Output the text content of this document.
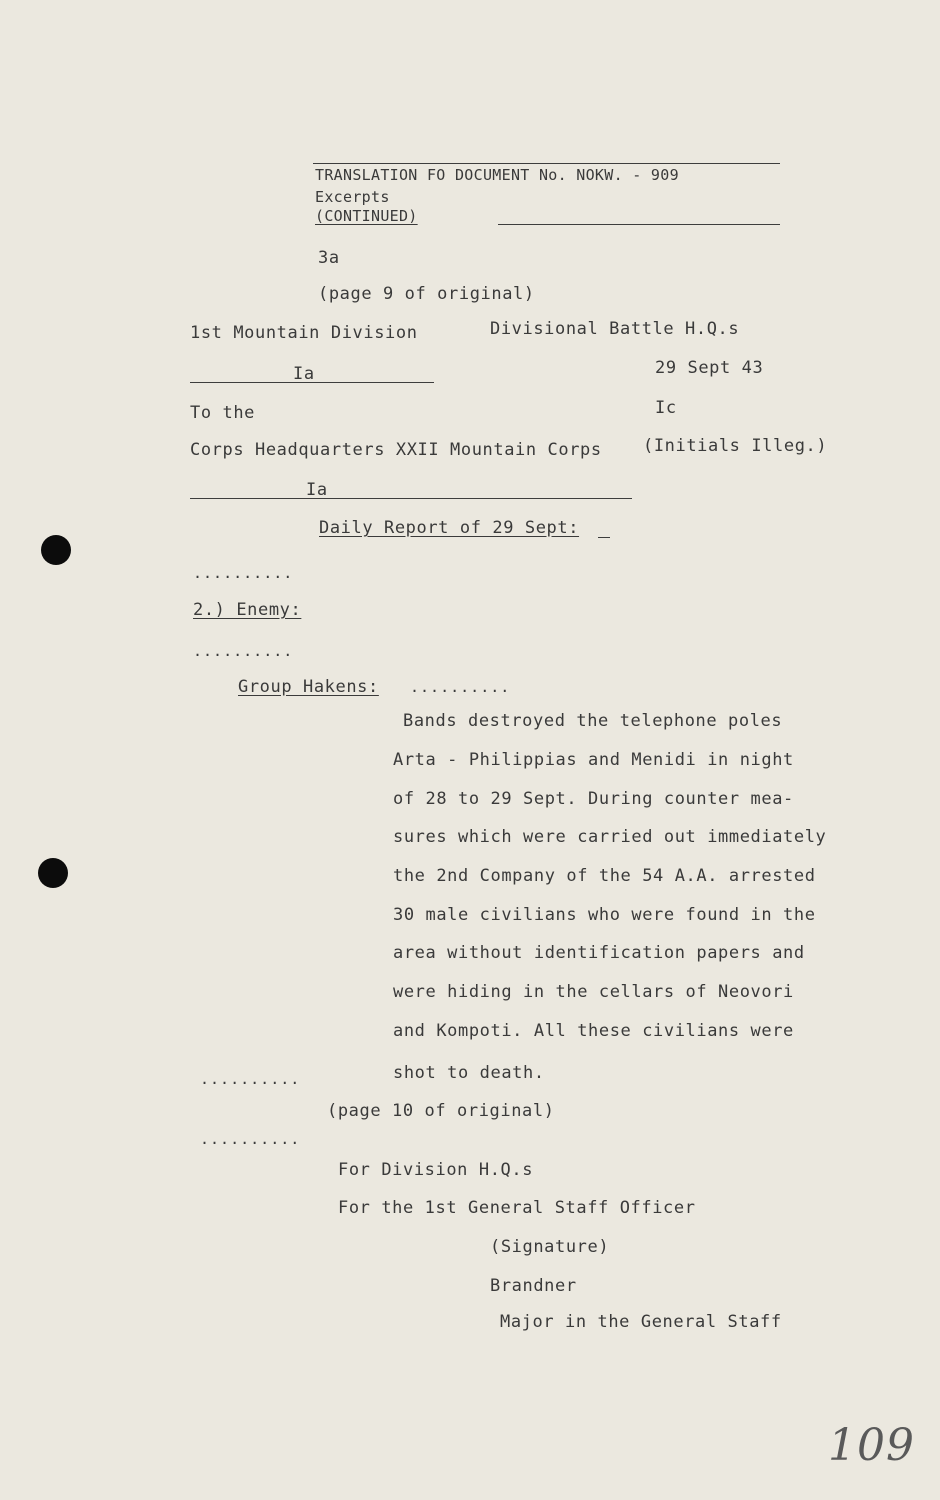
TRANSLATION FO DOCUMENT No. NOKW. - 909
Excerpts
(CONTINUED)
3a
(page 9 of original)
1st Mountain Division	Divisional Battle H.Q.s
Ia	29 Sept 43
Ic
To the
Corps Headquarters XXII Mountain Corps (Initials Illeg.)
Ia
Daily Report of 29 Sept:
..........
2.) Enemy:
..........
Group Hakens: ..........
Bands destroyed the telephone poles
Arta - Philippias and Menidi in night
of 28 to 29 Sept. During counter mea-
sures which were carried out immediately
the 2nd Company of the 54 A.A. arrested
30 male civilians who were found in the
area without identification papers and
were hiding in the cellars of Neovori
and Kompoti. All these civilians were
shot to death.
..........
(page 10 of original)
..........
For Division H.Q.s
For the 1st General Staff Officer
(Signature)
Brandner
Major in the General Staff
109
